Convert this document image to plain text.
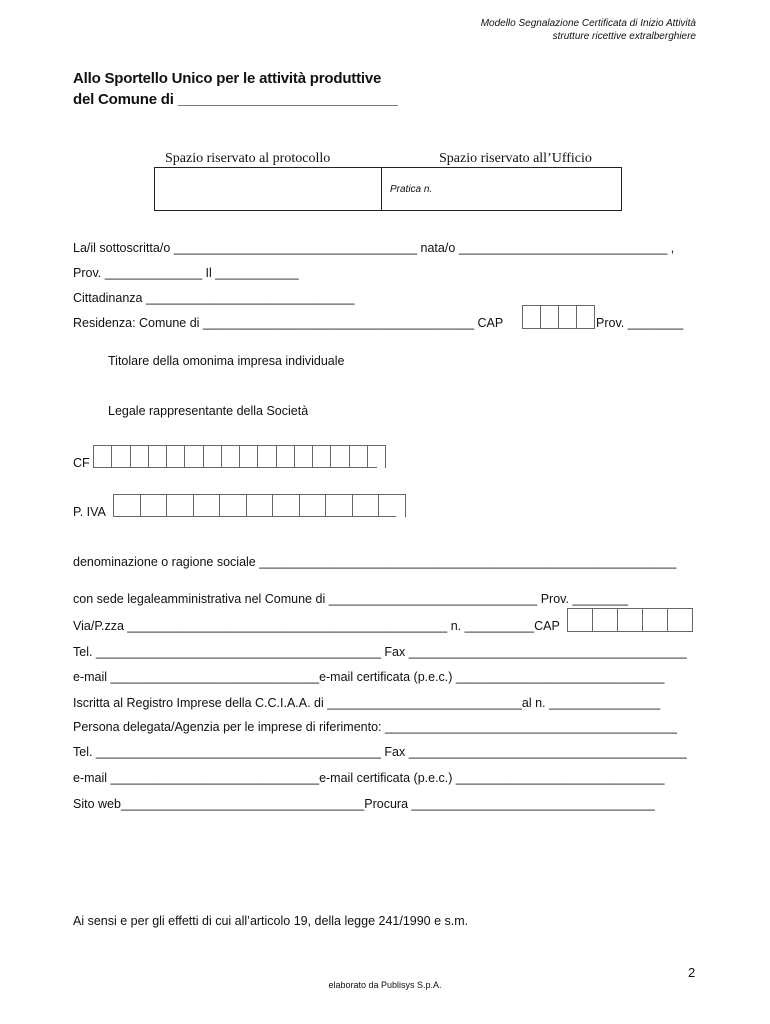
Modello Segnalazione Certificata di Inizio Attività
strutture ricettive extralberghiere
Allo Sportello Unico per le attività produttive
del Comune di ___________________________
Spazio riservato al protocollo	Spazio riservato all’Ufficio
Pratica n.
La/il sottoscritta/o ___________________________________ nata/o ______________________________ ,
Prov. ______________ Il ____________
Cittadinanza ______________________________
Residenza: Comune di _______________________________________ CAP	Prov. ________
Titolare della omonima impresa individuale
Legale rappresentante della Società
CF
P. IVA
denominazione o ragione sociale ____________________________________________________________
con sede legaleamministrativa nel Comune di ______________________________ Prov. ________
Via/P.zza ______________________________________________ n. __________CAP
Tel. _________________________________________ Fax ________________________________________
e-mail ______________________________e-mail certificata (p.e.c.) ______________________________
Iscritta al Registro Imprese della C.C.I.A.A. di ____________________________al n. ________________
Persona delegata/Agenzia per le imprese di riferimento: __________________________________________
Tel. _________________________________________ Fax ________________________________________
e-mail ______________________________e-mail certificata (p.e.c.) ______________________________
Sito web___________________________________Procura ___________________________________
Ai sensi e per gli effetti di cui all’articolo 19, della legge 241/1990 e s.m.
2
elaborato da Publisys S.p.A.
